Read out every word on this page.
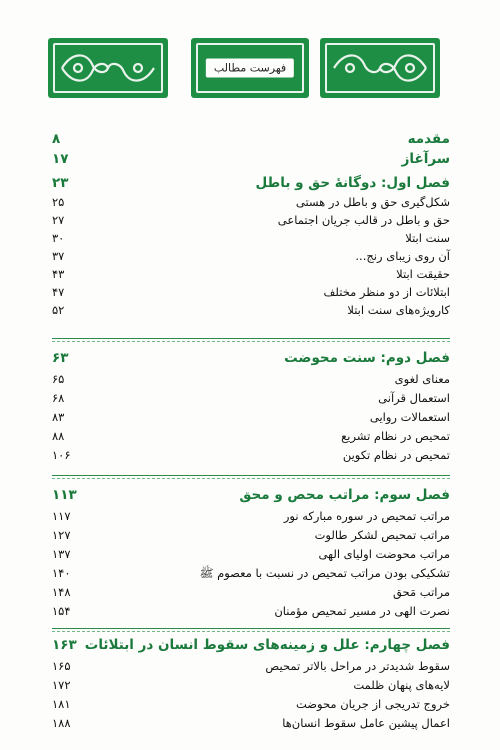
فهرست مطالب
مقدمه
۸
سرآغاز
۱۷
فصل اول: دوگانهٔ حق و باطل
۲۳
شکل‌گیری حق و باطل در هستی
۲۵
حق و باطل در قالب جریان اجتماعی
۲۷
سنت ابتلا
۳۰
آن روی زیبای رنج...
۳۷
حقیقت ابتلا
۴۳
ابتلائات از دو منظر مختلف
۴۷
کارویژه‌های سنت ابتلا
۵۲
فصل دوم: سنت محوضت
۶۳
معنای لغوی
۶۵
استعمال قرآنی
۶۸
استعمالات روایی
۸۳
تمحیص در نظام تشریع
۸۸
تمحیص در نظام تکوین
۱۰۶
فصل سوم: مراتب محص و محق
۱۱۳
مراتب تمحیص در سوره مبارکه نور
۱۱۷
مراتب تمحیص لشکر طالوت
۱۲۷
مراتب محوضت اولیای الهی
۱۳۷
تشکیکی بودن مراتب تمحیص در نسبت با معصوم ﷺ
۱۴۰
مراتب مَحق
۱۴۸
نصرت الهی در مسیر تمحیص مؤمنان
۱۵۴
فصل چهارم: علل و زمینه‌های سقوط انسان در ابتلائات
۱۶۳
سقوط شدیدتر در مراحل بالاتر تمحیص
۱۶۵
لایه‌های پنهان ظلمت
۱۷۲
خروج تدریجی از جریان محوضت
۱۸۱
اعمال پیشین عامل سقوط انسان‌ها
۱۸۸
